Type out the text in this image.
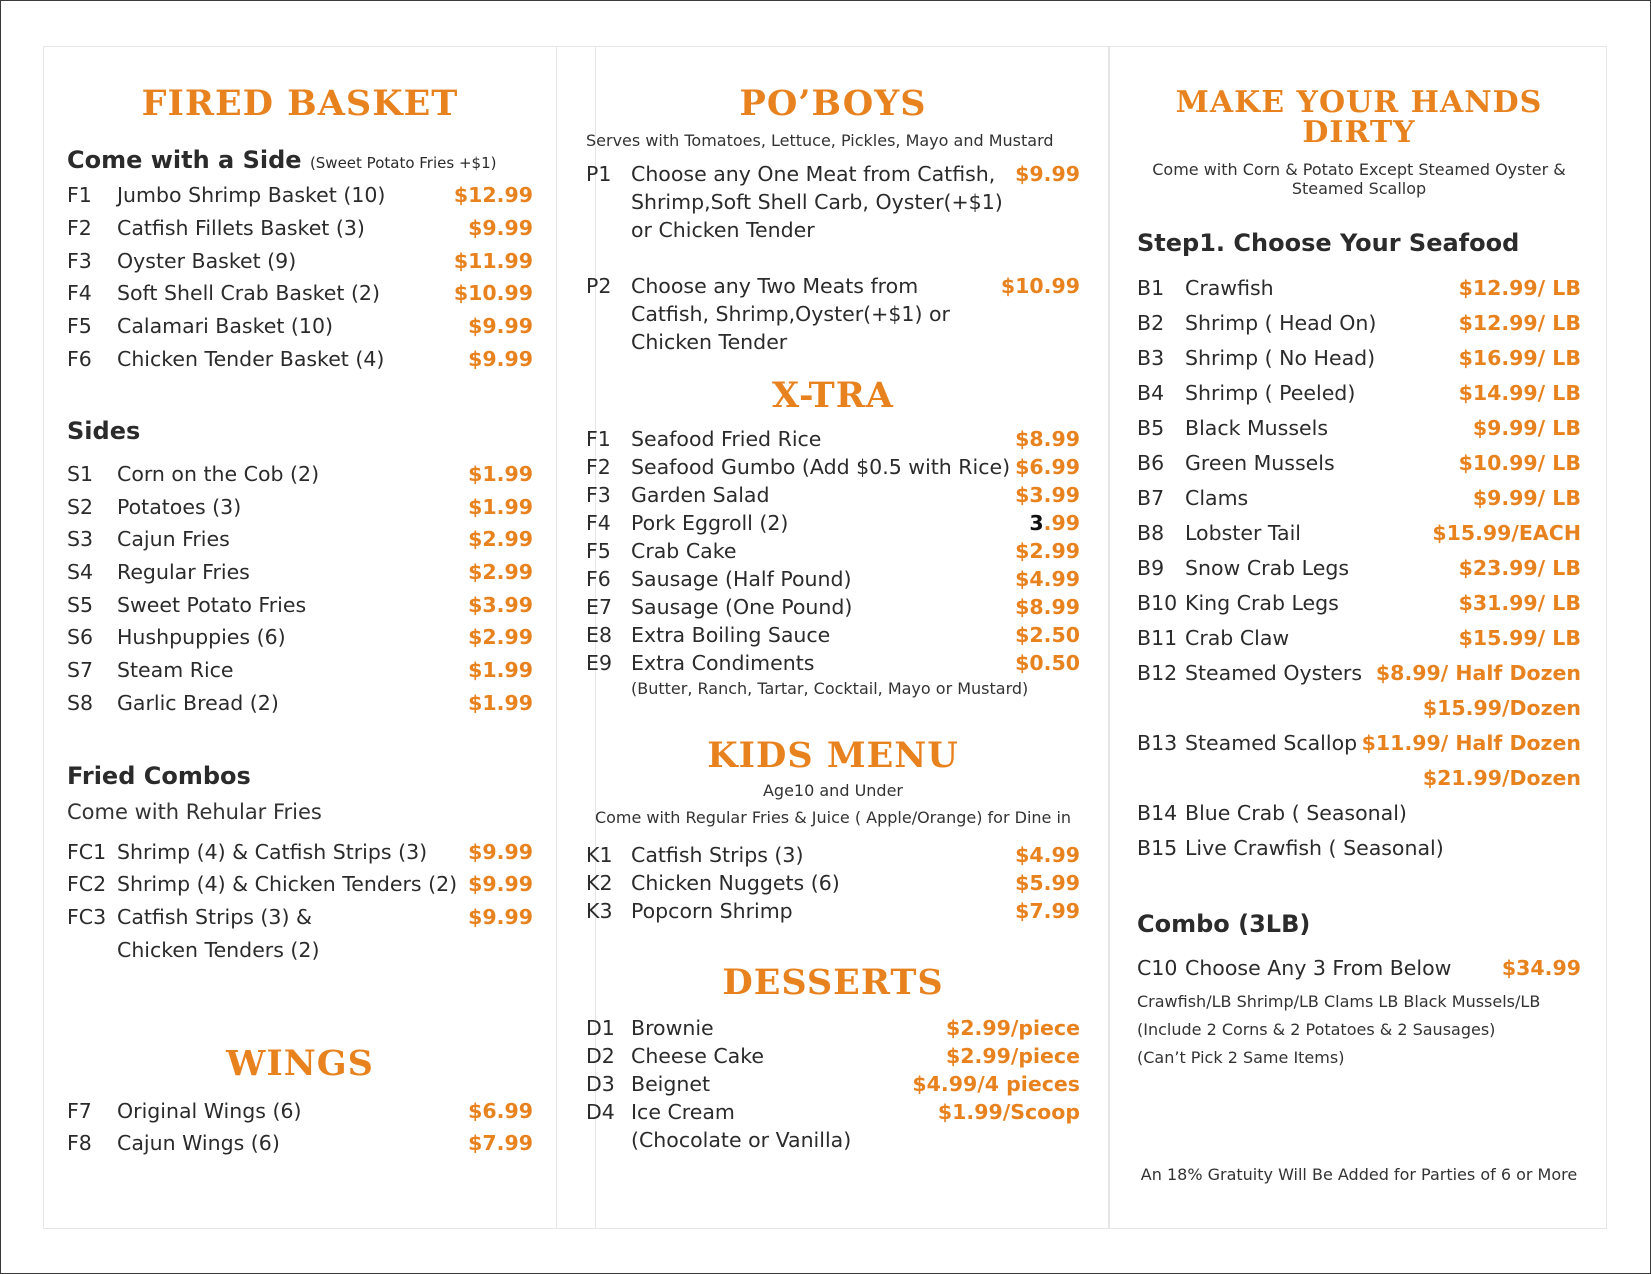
FIRED BASKET

Come with a Side (Sweet Potato Fries +$1)

F1	Jumbo Shrimp Basket (10)	$12.99
F2	Catfish Fillets Basket (3)	$9.99
F3	Oyster Basket (9)	$11.99
F4	Soft Shell Crab Basket (2)	$10.99
F5	Calamari Basket (10)	$9.99
F6	Chicken Tender Basket (4)	$9.99

Sides

S1	Corn on the Cob (2)	$1.99
S2	Potatoes (3)	$1.99
S3	Cajun Fries	$2.99
S4	Regular Fries	$2.99
S5	Sweet Potato Fries	$3.99
S6	Hushpuppies (6)	$2.99
S7	Steam Rice	$1.99
S8	Garlic Bread (2)	$1.99

Fried Combos

Come with Rehular Fries

FC1 Shrimp (4) & Catfish Strips (3)	$9.99
FC2 Shrimp (4) & Chicken Tenders (2) $9.99
FC3 Catfish Strips (3) &	$9.99
Chicken Tenders (2)
WINGS
F7	Original Wings (6)	$6.99
F8	Cajun Wings (6)	$7.99
PO’BOYS

Serves with Tomatoes, Lettuce, Pickles, Mayo and Mustard

P1 Choose any One Meat from Catfish,
Shrimp,Soft Shell Carb, Oyster(+$1)
or Chicken Tender
$9.99
P2 Choose any Two Meats from
Catfish, Shrimp,Oyster(+$1) or
Chicken Tender
$10.99
X-TRA
F1 Seafood Fried Rice	$8.99
F2 Seafood Gumbo (Add $0.5 with Rice) $6.99
F3 Garden Salad	$3.99
F4 Pork Eggroll (2)	3.99
F5 Crab Cake	$2.99
F6 Sausage (Half Pound)	$4.99
E7 Sausage (One Pound)	$8.99
E8 Extra Boiling Sauce	$2.50
E9 Extra Condiments	$0.50

(Butter, Ranch, Tartar, Cocktail, Mayo or Mustard)

KIDS MENU

Age10 and Under

Come with Regular Fries & Juice ( Apple/Orange) for Dine in

K1 Catfish Strips (3)	$4.99
K2 Chicken Nuggets (6)	$5.99
K3 Popcorn Shrimp	$7.99
DESSERTS
D1 Brownie	$2.99/piece
D2 Cheese Cake	$2.99/piece
D3 Beignet	$4.99/4 pieces
D4 Ice Cream	$1.99/Scoop
(Chocolate or Vanilla)
MAKE YOUR HANDS DIRTY

Come with Corn & Potato Except Steamed Oyster &

Steamed Scallop

Step1. Choose Your Seafood

B1	Crawfish	$12.99/ LB
B2	Shrimp ( Head On)	$12.99/ LB
B3	Shrimp ( No Head)	$16.99/ LB
B4	Shrimp ( Peeled)	$14.99/ LB
B5	Black Mussels	$9.99/ LB
B6	Green Mussels	$10.99/ LB
B7	Clams	$9.99/ LB
B8	Lobster Tail	$15.99/EACH
B9	Snow Crab Legs	$23.99/ LB
B10 King Crab Legs	$31.99/ LB
B11 Crab Claw	$15.99/ LB
B12 Steamed Oysters $8.99/ Half Dozen
$15.99/Dozen
B13 Steamed Scallop $11.99/ Half Dozen
$21.99/Dozen
B14 Blue Crab ( Seasonal)
B15 Live Crawfish ( Seasonal)

Combo (3LB)

C10 Choose Any 3 From Below	$34.99

Crawfish/LB Shrimp/LB Clams LB Black Mussels/LB

(Include 2 Corns & 2 Potatoes & 2 Sausages)

(Can’t Pick 2 Same Items)

An 18% Gratuity Will Be Added for Parties of 6 or More
